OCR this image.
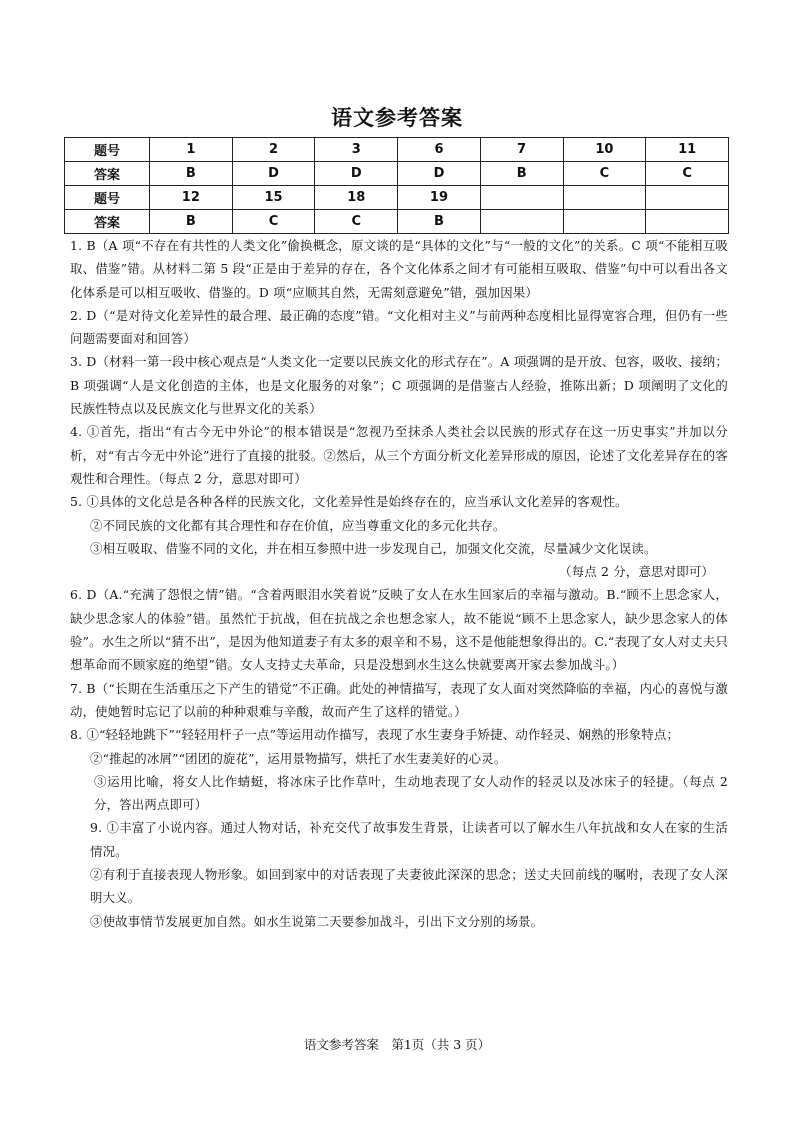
语文参考答案
题号	1	2	3	6	7	10	11
答案	B	D	D	D	B	C	C
题号	12	15	18	19			
答案	B	C	C	B			

1. B（A 项“不存在有共性的人类文化”偷换概念，原文谈的是“具体的文化”与“一般的文化”的关系。C 项“不能相互吸取、借鉴”错。从材料二第 5 段“正是由于差异的存在，各个文化体系之间才有可能相互吸取、借鉴”句中可以看出各文化体系是可以相互吸收、借鉴的。D 项“应顺其自然，无需刻意避免”错，强加因果）

2. D（“是对待文化差异性的最合理、最正确的态度”错。“文化相对主义”与前两种态度相比显得宽容合理，但仍有一些问题需要面对和回答）

3. D（材料一第一段中核心观点是“人类文化一定要以民族文化的形式存在”。A 项强调的是开放、包容，吸收、接纳；B 项强调“人是文化创造的主体，也是文化服务的对象”；C 项强调的是借鉴古人经验，推陈出新；D 项阐明了文化的民族性特点以及民族文化与世界文化的关系）

4. ①首先，指出“有古今无中外论”的根本错误是“忽视乃至抹杀人类社会以民族的形式存在这一历史事实”并加以分析，对“有古今无中外论”进行了直接的批驳。②然后，从三个方面分析文化差异形成的原因，论述了文化差异存在的客观性和合理性。（每点 2 分，意思对即可）

5. ①具体的文化总是各种各样的民族文化，文化差异性是始终存在的，应当承认文化差异的客观性。

②不同民族的文化都有其合理性和存在价值，应当尊重文化的多元化共存。

③相互吸取、借鉴不同的文化，并在相互参照中进一步发现自己，加强文化交流，尽量减少文化误读。

（每点 2 分，意思对即可）

6. D（A.“充满了怨恨之情”错。“含着两眼泪水笑着说”反映了女人在水生回家后的幸福与激动。B.“顾不上思念家人，缺少思念家人的体验”错。虽然忙于抗战，但在抗战之余也想念家人，故不能说“顾不上思念家人，缺少思念家人的体验”。水生之所以“猜不出”，是因为他知道妻子有太多的艰辛和不易，这不是他能想象得出的。C.“表现了女人对丈夫只想革命而不顾家庭的绝望”错。女人支持丈夫革命，只是没想到水生这么快就要离开家去参加战斗。）

7. B（“长期在生活重压之下产生的错觉”不正确。此处的神情描写，表现了女人面对突然降临的幸福，内心的喜悦与激动，使她暂时忘记了以前的种种艰难与辛酸，故而产生了这样的错觉。）

8. ①“轻轻地跳下”“轻轻用杆子一点”等运用动作描写，表现了水生妻身手矫捷、动作轻灵、娴熟的形象特点；

②“推起的冰屑”“团团的旋花”，运用景物描写，烘托了水生妻美好的心灵。

③运用比喻，将女人比作蜻蜓，将冰床子比作草叶，生动地表现了女人动作的轻灵以及冰床子的轻捷。（每点 2 分，答出两点即可）

9. ①丰富了小说内容。通过人物对话，补充交代了故事发生背景，让读者可以了解水生八年抗战和女人在家的生活情况。

②有利于直接表现人物形象。如回到家中的对话表现了夫妻彼此深深的思念；送丈夫回前线的嘱咐，表现了女人深明大义。

③使故事情节发展更加自然。如水生说第二天要参加战斗，引出下文分别的场景。

语文参考答案　第1页（共 3 页）
